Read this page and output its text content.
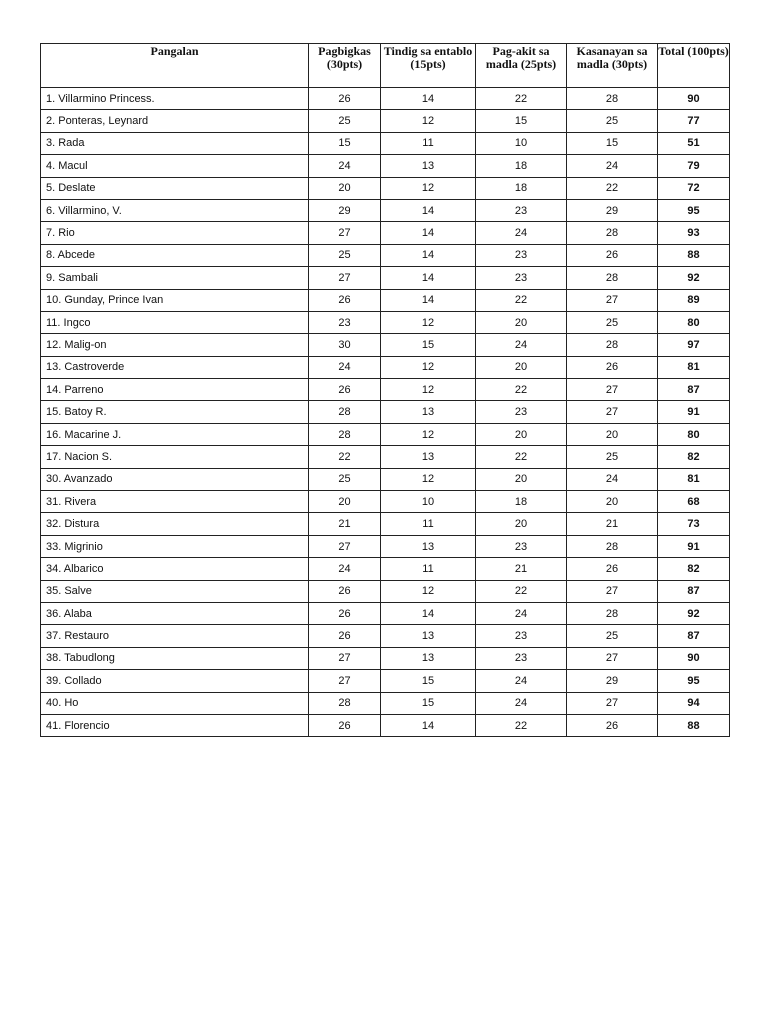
Pangalan	Pagbigkas (30pts)	Tindig sa entablo (15pts)	Pag-akit sa madla (25pts)	Kasanayan sa madla (30pts)	Total (100pts)
1. Villarmino Princess.	26	14	22	28	90
2. Ponteras, Leynard	25	12	15	25	77
3. Rada	15	11	10	15	51
4. Macul	24	13	18	24	79
5. Deslate	20	12	18	22	72
6. Villarmino, V.	29	14	23	29	95
7. Rio	27	14	24	28	93
8. Abcede	25	14	23	26	88
9. Sambali	27	14	23	28	92
10. Gunday, Prince Ivan	26	14	22	27	89
11. Ingco	23	12	20	25	80
12. Malig-on	30	15	24	28	97
13. Castroverde	24	12	20	26	81
14. Parreno	26	12	22	27	87
15. Batoy R.	28	13	23	27	91
16. Macarine J.	28	12	20	20	80
17. Nacion S.	22	13	22	25	82
30. Avanzado	25	12	20	24	81
31. Rivera	20	10	18	20	68
32. Distura	21	11	20	21	73
33. Migrinio	27	13	23	28	91
34. Albarico	24	11	21	26	82
35. Salve	26	12	22	27	87
36. Alaba	26	14	24	28	92
37. Restauro	26	13	23	25	87
38. Tabudlong	27	13	23	27	90
39. Collado	27	15	24	29	95
40. Ho	28	15	24	27	94
41. Florencio	26	14	22	26	88
